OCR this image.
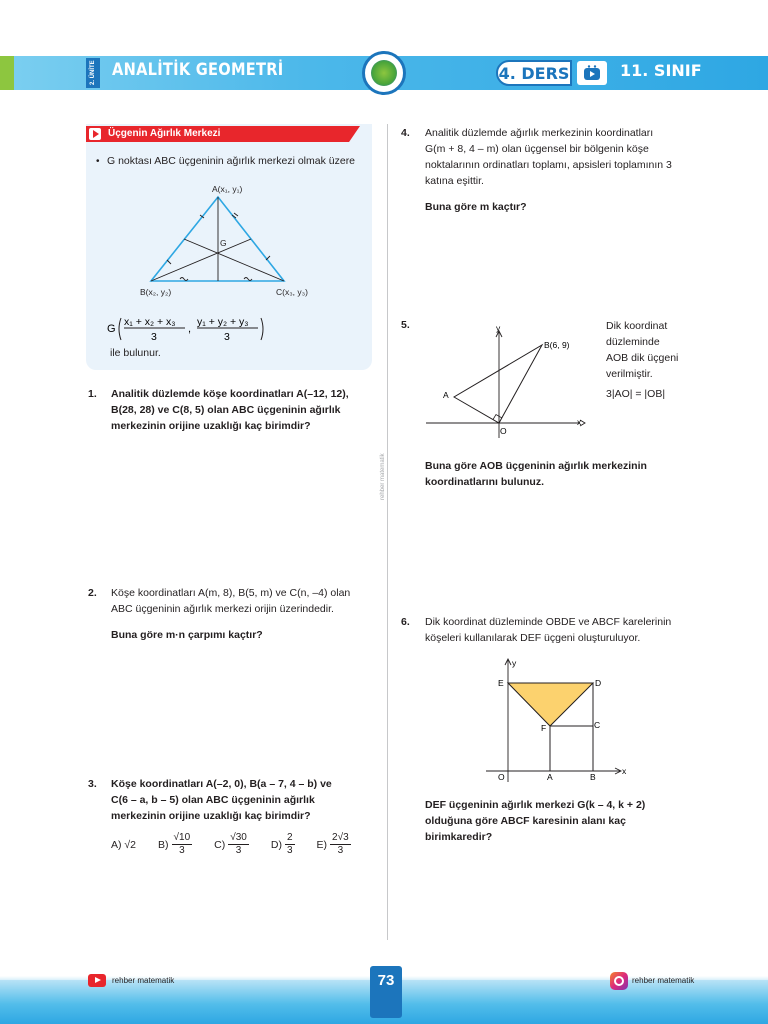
2. ÜNİTE ANALİTİK GEOMETRİ	4. DERS	11. SINIF
Üçgenin Ağırlık Merkezi
• G noktası ABC üçgeninin ağırlık merkezi olmak üzere
A(x₁, y₁)
G
B(x₂, y₂)	C(x₃, y₃)
G
x₁ + x₂ + x₃
3
,
y₁ + y₂ + y₃
3
ile bulunur.
1. Analitik düzlemde köşe koordinatları A(–12, 12),
B(28, 28) ve C(8, 5) olan ABC üçgeninin ağırlık
merkezinin orijine uzaklığı kaç birimdir?
2. Köşe koordinatları A(m, 8), B(5, m) ve C(n, –4) olan
ABC üçgeninin ağırlık merkezi orijin üzerindedir.
Buna göre m·n çarpımı kaçtır?
3. Köşe koordinatları A(–2, 0), B(a – 7, 4 – b) ve
C(6 – a, b – 5) olan ABC üçgeninin ağırlık
merkezinin orijine uzaklığı kaç birimdir?
A) √2 $B) \frac{√10}{3} C) \frac{√30}{3} D) \frac{2}{3} E) \frac{2√3}{3}$
rehber matematik
4. Analitik düzlemde ağırlık merkezinin koordinatları
G(m + 8, 4 – m) olan üçgensel bir bölgenin köşe
noktalarının ordinatları toplamı, apsisleri toplamının 3
katına eşittir.
Buna göre m kaçtır?
5.	y
x
B(6, 9)
A
O
Dik koordinat
düzleminde
AOB dik üçgeni
verilmiştir.
3|AO| = |OB|
Buna göre AOB üçgeninin ağırlık merkezinin
koordinatlarını bulunuz.
6. Dik koordinat düzleminde OBDE ve ABCF karelerinin
köşeleri kullanılarak DEF üçgeni oluşturuluyor.
y
x
E	D
F	C
O	A	B
DEF üçgeninin ağırlık merkezi G(k – 4, k + 2)
olduğuna göre ABCF karesinin alanı kaç
birimkaredir?
rehber matematik	73	rehber matematik
